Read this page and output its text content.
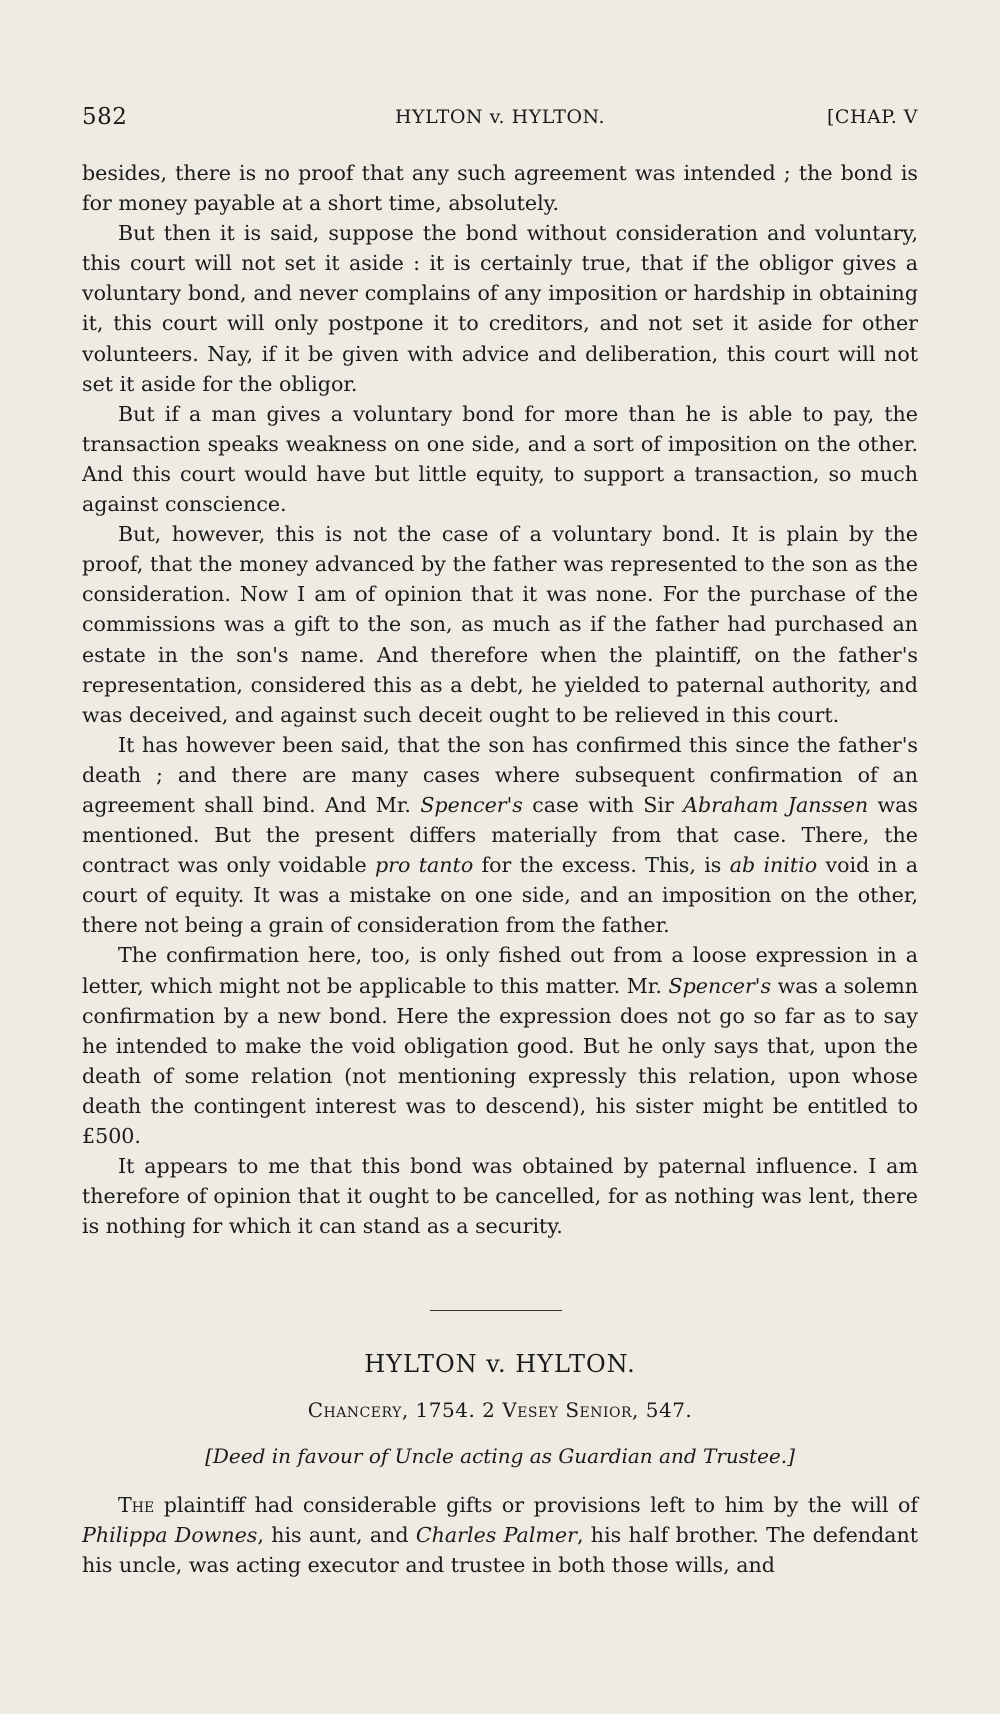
582	HYLTON v. HYLTON.	[CHAP. V

besides, there is no proof that any such agreement was intended ; the bond is for money payable at a short time, absolutely.

But then it is said, suppose the bond without consideration and voluntary, this court will not set it aside : it is certainly true, that if the obligor gives a voluntary bond, and never complains of any imposition or hardship in obtaining it, this court will only postpone it to creditors, and not set it aside for other volunteers. Nay, if it be given with advice and deliberation, this court will not set it aside for the obligor.

But if a man gives a voluntary bond for more than he is able to pay, the transaction speaks weakness on one side, and a sort of imposition on the other. And this court would have but little equity, to support a transaction, so much against conscience.

But, however, this is not the case of a voluntary bond. It is plain by the proof, that the money advanced by the father was represented to the son as the consideration. Now I am of opinion that it was none. For the purchase of the commissions was a gift to the son, as much as if the father had purchased an estate in the son's name. And therefore when the plaintiff, on the father's representation, considered this as a debt, he yielded to paternal authority, and was deceived, and against such deceit ought to be relieved in this court.

It has however been said, that the son has confirmed this since the father's death ; and there are many cases where subsequent confirmation of an agreement shall bind. And Mr. Spencer's case with Sir Abraham Janssen was mentioned. But the present differs materially from that case. There, the contract was only voidable pro tanto for the excess. This, is ab initio void in a court of equity. It was a mistake on one side, and an imposition on the other, there not being a grain of consideration from the father.

The confirmation here, too, is only fished out from a loose expression in a letter, which might not be applicable to this matter. Mr. Spencer's was a solemn confirmation by a new bond. Here the expression does not go so far as to say he intended to make the void obligation good. But he only says that, upon the death of some relation (not mentioning expressly this relation, upon whose death the contingent interest was to descend), his sister might be entitled to £500.

It appears to me that this bond was obtained by paternal influence. I am therefore of opinion that it ought to be cancelled, for as nothing was lent, there is nothing for which it can stand as a security.

HYLTON v. HYLTON.
Chancery, 1754. 2 Vesey Senior, 547.
[Deed in favour of Uncle acting as Guardian and Trustee.]

The plaintiff had considerable gifts or provisions left to him by the will of Philippa Downes, his aunt, and Charles Palmer, his half brother. The defendant his uncle, was acting executor and trustee in both those wills, and
